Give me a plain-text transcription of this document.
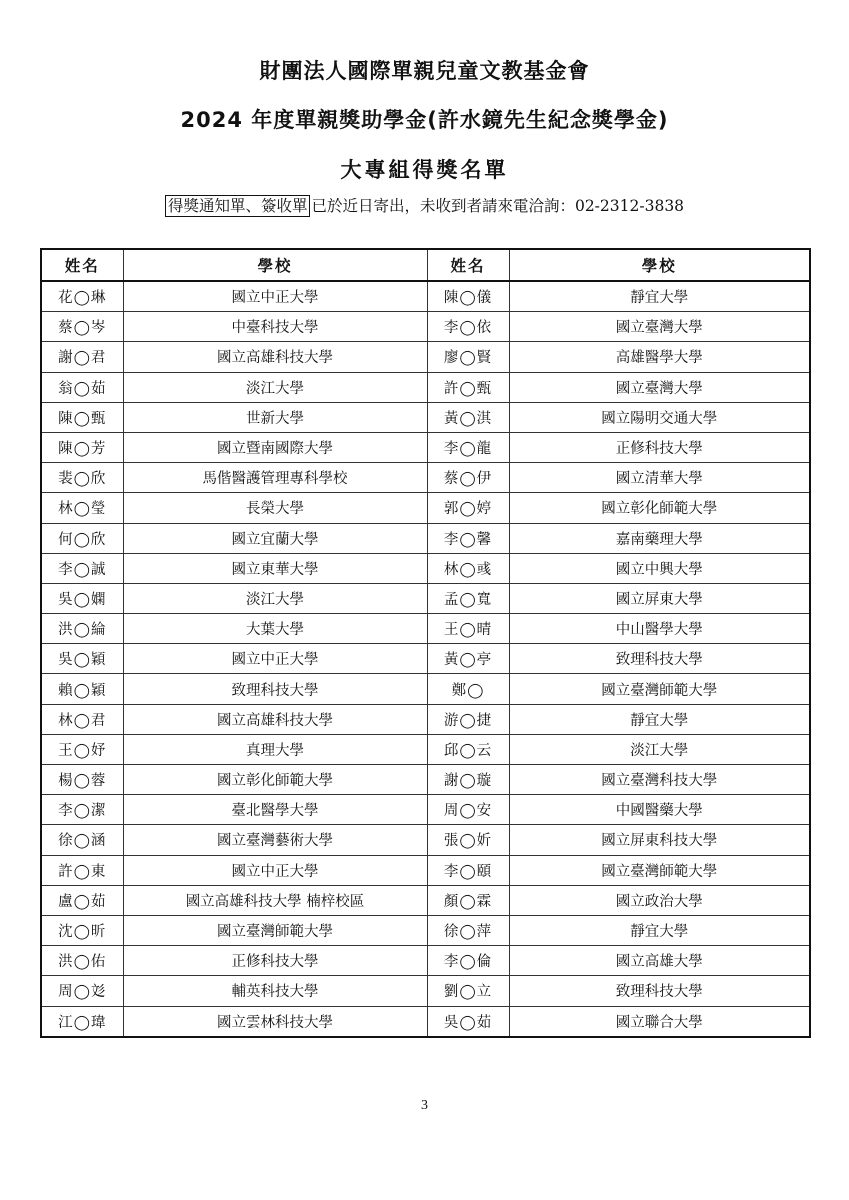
財團法人國際單親兒童文教基金會
2024 年度單親獎助學金(許水鏡先生紀念獎學金)
大專組得獎名單
得獎通知單、簽收單 已於近日寄出，未收到者請來電洽詢：02-2312-3838
姓名	學校	姓名	學校
花◯琳	國立中正大學	陳◯儀	靜宜大學
蔡◯岑	中臺科技大學	李◯依	國立臺灣大學
謝◯君	國立高雄科技大學	廖◯賢	高雄醫學大學
翁◯茹	淡江大學	許◯甄	國立臺灣大學
陳◯甄	世新大學	黃◯淇	國立陽明交通大學
陳◯芳	國立暨南國際大學	李◯龍	正修科技大學
裴◯欣	馬偕醫護管理專科學校	蔡◯伊	國立清華大學
林◯瑩	長榮大學	郭◯婷	國立彰化師範大學
何◯欣	國立宜蘭大學	李◯馨	嘉南藥理大學
李◯誠	國立東華大學	林◯彧	國立中興大學
吳◯嫻	淡江大學	孟◯寬	國立屏東大學
洪◯綸	大葉大學	王◯晴	中山醫學大學
吳◯穎	國立中正大學	黃◯亭	致理科技大學
賴◯穎	致理科技大學	鄭◯	國立臺灣師範大學
林◯君	國立高雄科技大學	游◯捷	靜宜大學
王◯妤	真理大學	邱◯云	淡江大學
楊◯蓉	國立彰化師範大學	謝◯璇	國立臺灣科技大學
李◯潔	臺北醫學大學	周◯安	中國醫藥大學
徐◯涵	國立臺灣藝術大學	張◯妡	國立屏東科技大學
許◯東	國立中正大學	李◯頤	國立臺灣師範大學
盧◯茹	國立高雄科技大學 楠梓校區	顏◯霖	國立政治大學
沈◯昕	國立臺灣師範大學	徐◯萍	靜宜大學
洪◯佑	正修科技大學	李◯倫	國立高雄大學
周◯彣	輔英科技大學	劉◯立	致理科技大學
江◯瑋	國立雲林科技大學	吳◯茹	國立聯合大學
3
